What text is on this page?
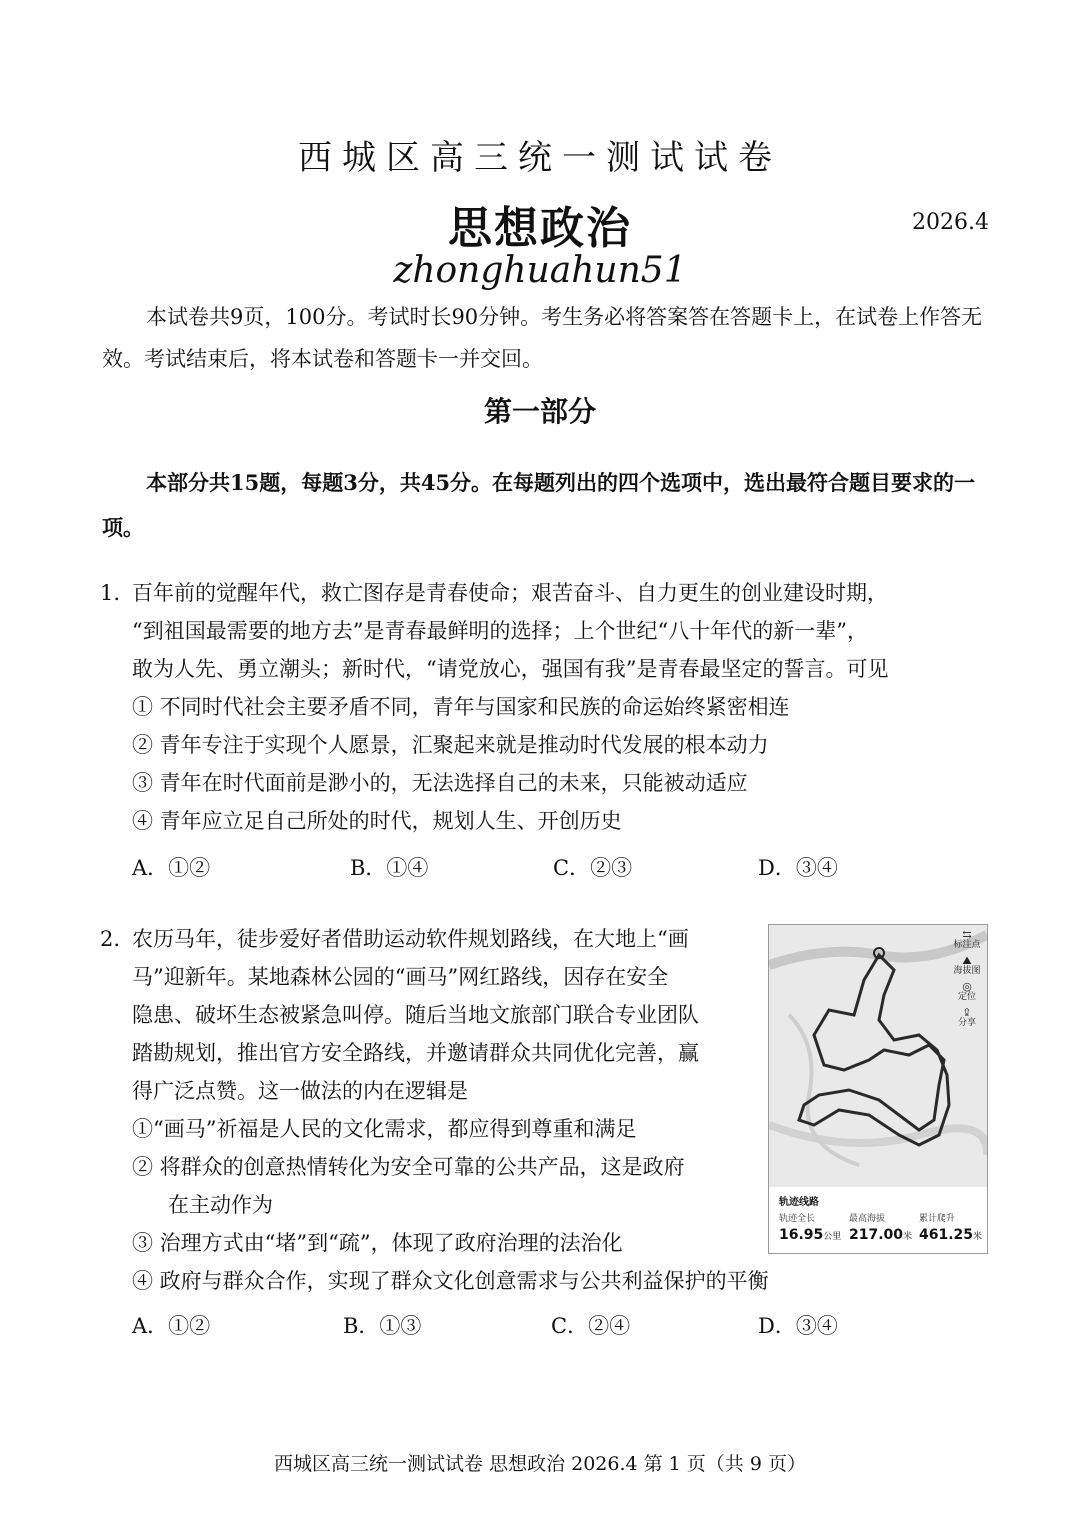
西城区高三统一测试试卷
思想政治	2026.4
zhonghuahun51
本试卷共9页，100分。考试时长90分钟。考生务必将答案答在答题卡上，在试卷上作答无效。考试结束后，将本试卷和答题卡一并交回。
第一部分
本部分共15题，每题3分，共45分。在每题列出的四个选项中，选出最符合题目要求的一项。
1. 百年前的觉醒年代，救亡图存是青春使命；艰苦奋斗、自力更生的创业建设时期，
“到祖国最需要的地方去”是青春最鲜明的选择；上个世纪“八十年代的新一辈”，
敢为人先、勇立潮头；新时代，“请党放心，强国有我”是青春最坚定的誓言。可见
① 不同时代社会主要矛盾不同，青年与国家和民族的命运始终紧密相连
② 青年专注于实现个人愿景，汇聚起来就是推动时代发展的根本动力
③ 青年在时代面前是渺小的，无法选择自己的未来，只能被动适应
④ 青年应立足自己所处的时代，规划人生、开创历史
A．①②	B．①④	C．②③	D．③④
2. 农历马年，徒步爱好者借助运动软件规划路线，在大地上“画
马”迎新年。某地森林公园的“画马”网红路线，因存在安全
隐患、破坏生态被紧急叫停。随后当地文旅部门联合专业团队
踏勘规划，推出官方安全路线，并邀请群众共同优化完善，赢
得广泛点赞。这一做法的内在逻辑是
①“画马”祈福是人民的文化需求，都应得到尊重和满足
② 将群众的创意热情转化为安全可靠的公共产品，这是政府
在主动作为
③ 治理方式由“堵”到“疏”，体现了政府治理的法治化
④ 政府与群众合作，实现了群众文化创意需求与公共利益保护的平衡
A．①②	B．①③	C．②④	D．③④
⇆
标注点
⛰
海拔图
◎
定位
⇪
分享
轨迹线路
轨迹全长
16.95公里
最高海拔
217.00米
累计爬升
461.25米
西城区高三统一测试试卷 思想政治 2026.4 第 1 页（共 9 页）
